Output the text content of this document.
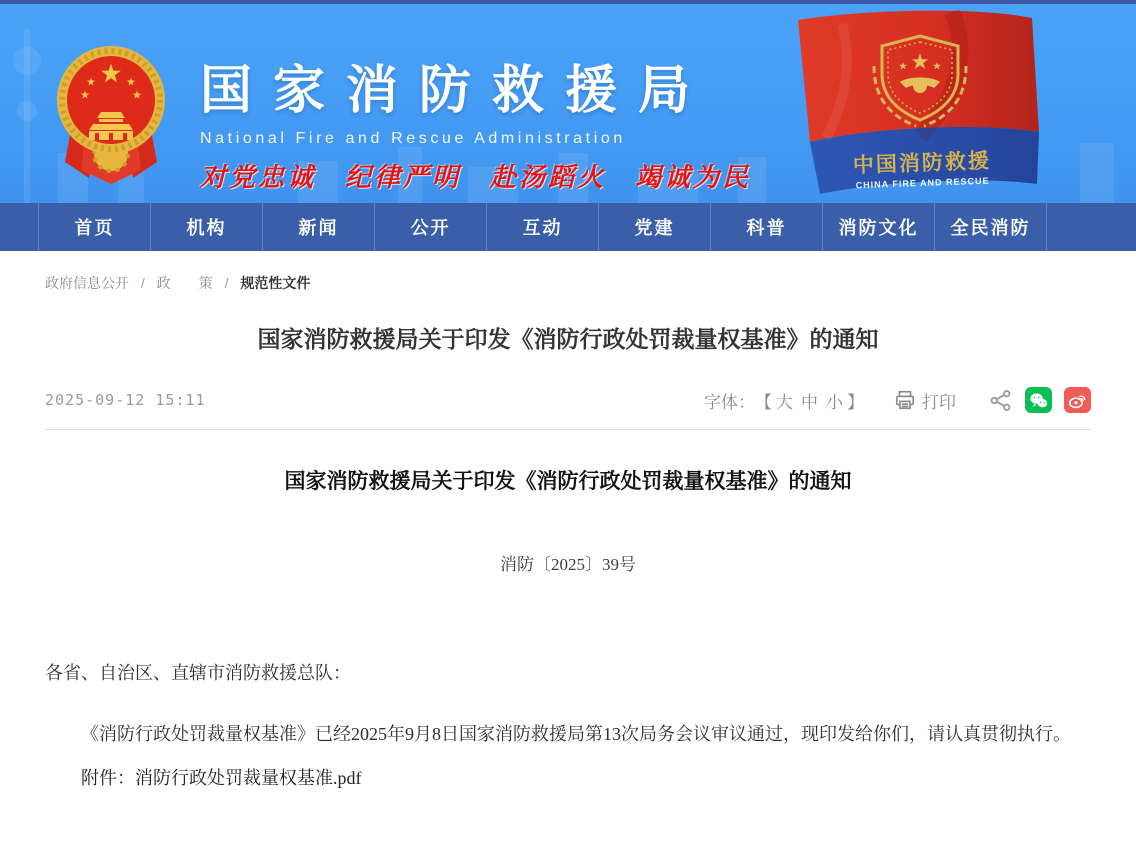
国家消防救援局
National Fire and Rescue Administration
对党忠诚　纪律严明　赴汤蹈火　竭诚为民	中国消防救援
CHINA FIRE AND RESCUE
首页	机构	新闻	公开	互动	党建	科普	消防文化	全民消防
政府信息公开 / 政　　策 / 规范性文件
国家消防救援局关于印发《消防行政处罚裁量权基准》的通知
2025-09-12 15:11	字体： 【 大 中 小 】	打印
国家消防救援局关于印发《消防行政处罚裁量权基准》的通知
消防〔2025〕39号
各省、自治区、直辖市消防救援总队：

《消防行政处罚裁量权基准》已经2025年9月8日国家消防救援局第13次局务会议审议通过，现印发给你们，请认真贯彻执行。

附件：消防行政处罚裁量权基准.pdf
